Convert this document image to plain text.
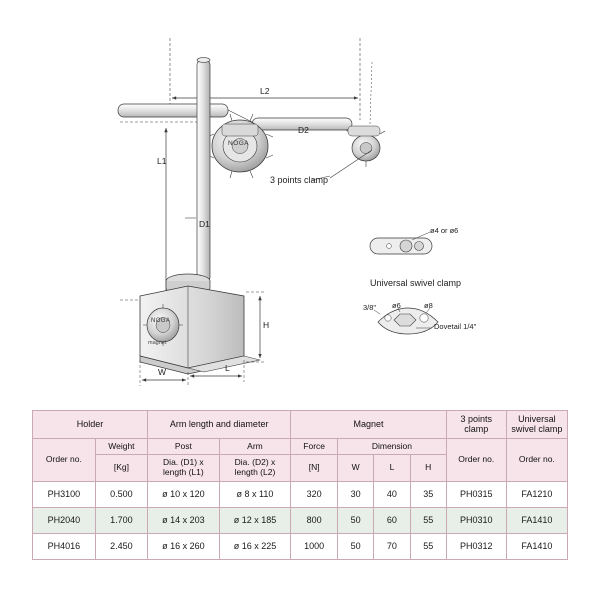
L2
L1
D1
D2
H
W	L
NOGA
NOGA
magnet
3 points clamp
Universal swivel clamp
ø4 or ø6
3/8" ø6	ø8
Dovetail 1/4"
Holder		Arm length and diameter		Magnet				3 points clamp	Universal swivel clamp
Order no.	Weight	Post	Arm	Force	Dimension			Order no.	Order no.
	[Kg]	Dia. (D1) x length (L1)	Dia. (D2) x length (L2)	[N]	W	L	H		
PH3100	0.500	ø 10 x 120	ø 8 x 110	320	30	40	35	PH0315	FA1210
PH2040	1.700	ø 14 x 203	ø 12 x 185	800	50	60	55	PH0310	FA1410
PH4016	2.450	ø 16 x 260	ø 16 x 225	1000	50	70	55	PH0312	FA1410
